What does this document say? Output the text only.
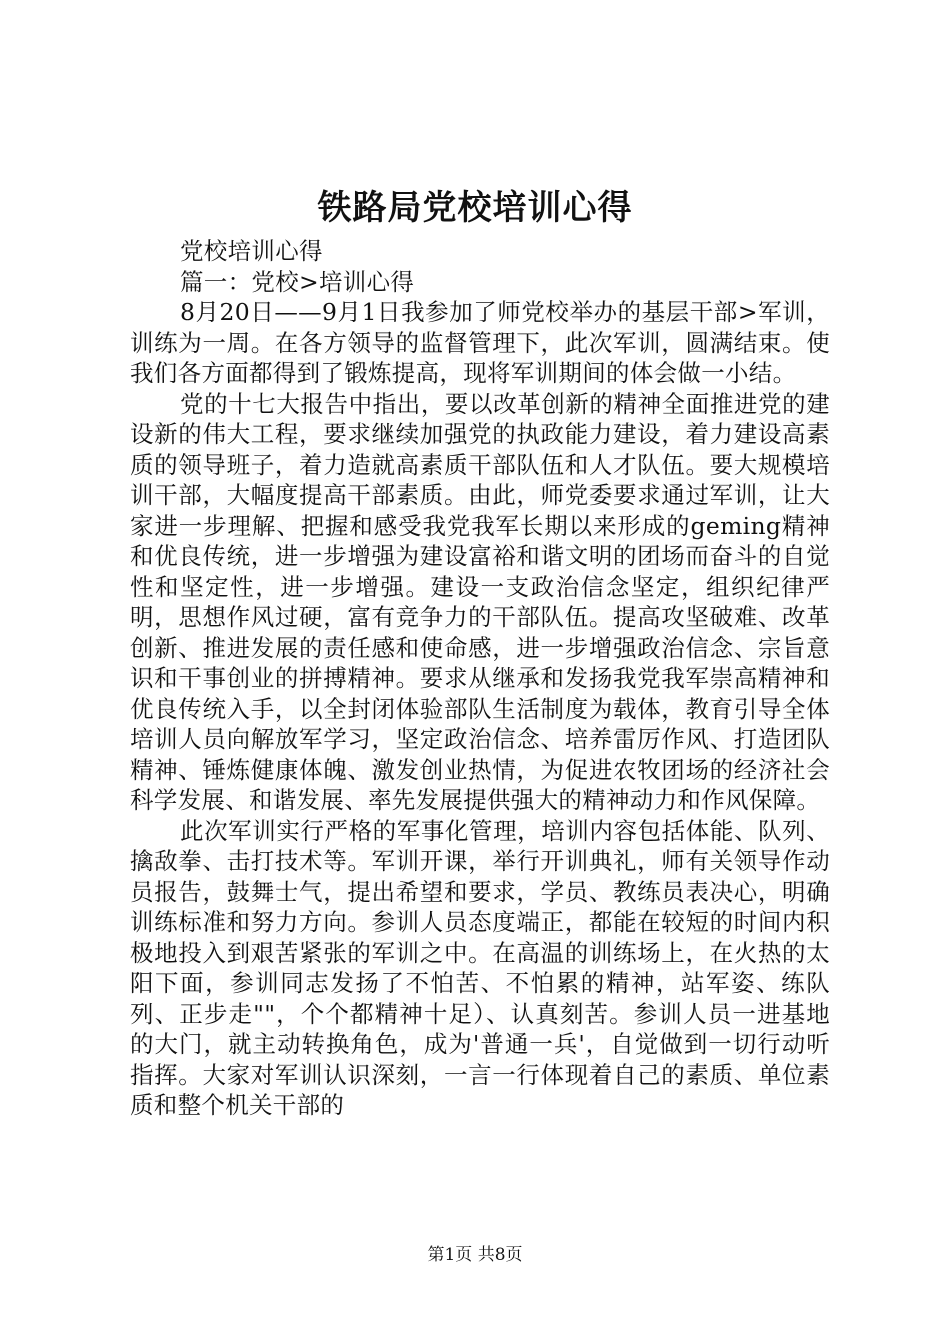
铁路局党校培训心得

党校培训心得

篇一：党校>培训心得

8月20日——9月1日我参加了师党校举办的基层干部>军训，训练为一周。在各方领导的监督管理下，此次军训，圆满结束。使我们各方面都得到了锻炼提高，现将军训期间的体会做一小结。

党的十七大报告中指出，要以改革创新的精神全面推进党的建设新的伟大工程，要求继续加强党的执政能力建设，着力建设高素质的领导班子，着力造就高素质干部队伍和人才队伍。要大规模培训干部，大幅度提高干部素质。由此，师党委要求通过军训，让大家进一步理解、把握和感受我党我军长期以来形成的geming精神和优良传统，进一步增强为建设富裕和谐文明的团场而奋斗的自觉性和坚定性，进一步增强。建设一支政治信念坚定，组织纪律严明，思想作风过硬，富有竞争力的干部队伍。提高攻坚破难、改革创新、推进发展的责任感和使命感，进一步增强政治信念、宗旨意识和干事创业的拼搏精神。要求从继承和发扬我党我军崇高精神和优良传统入手，以全封闭体验部队生活制度为载体，教育引导全体培训人员向解放军学习，坚定政治信念、培养雷厉作风、打造团队精神、锤炼健康体魄、激发创业热情，为促进农牧团场的经济社会科学发展、和谐发展、率先发展提供强大的精神动力和作风保障。

此次军训实行严格的军事化管理，培训内容包括体能、队列、擒敌拳、击打技术等。军训开课，举行开训典礼，师有关领导作动员报告，鼓舞士气，提出希望和要求，学员、教练员表决心，明确训练标准和努力方向。参训人员态度端正，都能在较短的时间内积极地投入到艰苦紧张的军训之中。在高温的训练场上，在火热的太阳下面，参训同志发扬了不怕苦、不怕累的精神，站军姿、练队列、正步走""，个个都精神十足）、认真刻苦。参训人员一进基地的大门，就主动转换角色，成为'普通一兵'，自觉做到一切行动听指挥。大家对军训认识深刻，一言一行体现着自己的素质、单位素质和整个机关干部的

第1页 共8页
